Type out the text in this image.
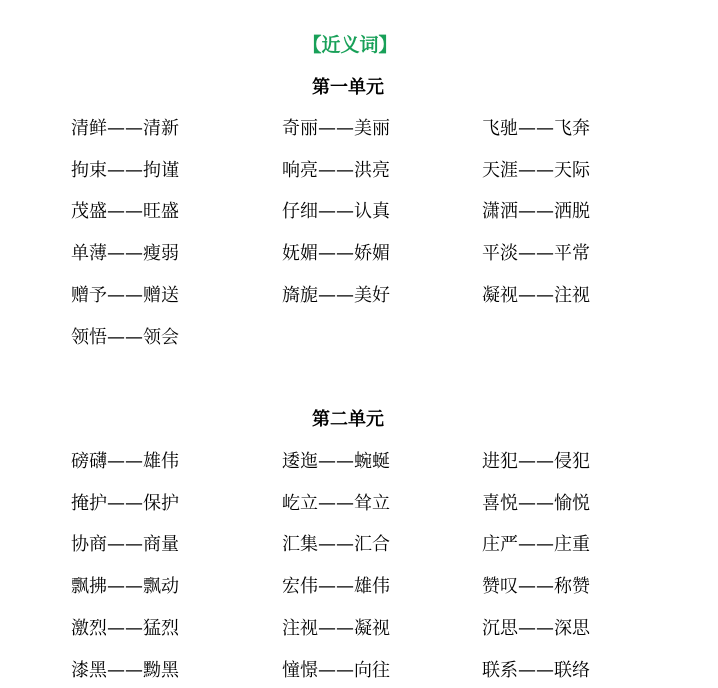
【近义词】
第一单元
清鲜——清新	奇丽——美丽	飞驰——飞奔
拘束——拘谨	响亮——洪亮	天涯——天际
茂盛——旺盛	仔细——认真	潇洒——洒脱
单薄——瘦弱	妩媚——娇媚	平淡——平常
赠予——赠送	旖旎——美好	凝视——注视
领悟——领会
第二单元
磅礴——雄伟	逶迤——蜿蜒	进犯——侵犯
掩护——保护	屹立——耸立	喜悦——愉悦
协商——商量	汇集——汇合	庄严——庄重
飘拂——飘动	宏伟——雄伟	赞叹——称赞
激烈——猛烈	注视——凝视	沉思——深思
漆黑——黝黑	憧憬——向往	联系——联络
